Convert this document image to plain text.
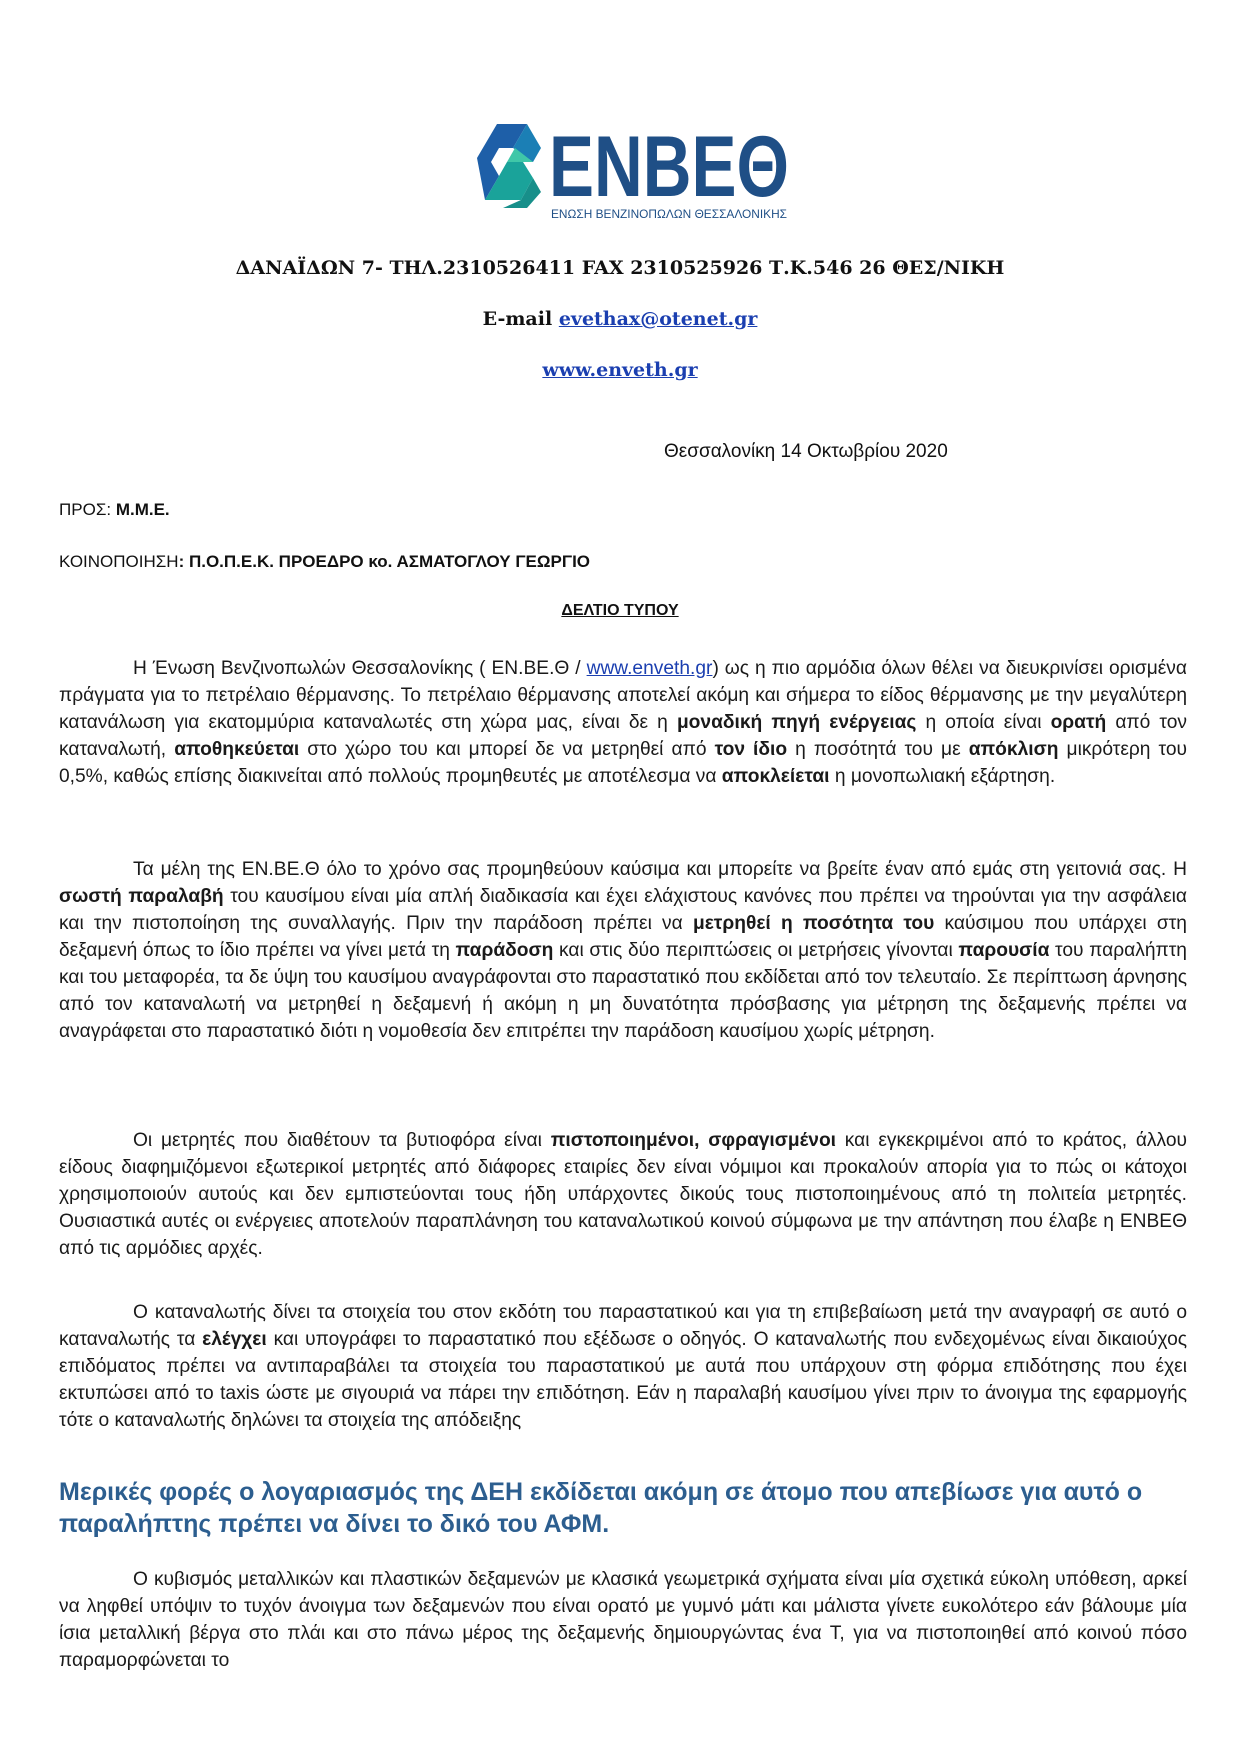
ΕΝΒΕΘ
ΕΝΩΣΗ ΒΕΝΖΙΝΟΠΩΛΩΝ ΘΕΣΣΑΛΟΝΙΚΗΣ
ΔΑΝΑΪΔΩΝ 7- ΤΗΛ.2310526411 FAX 2310525926 Τ.Κ.546 26 ΘΕΣ/ΝΙΚΗ
E-mail evethax@otenet.gr
www.enveth.gr
Θεσσαλονίκη 14 Οκτωβρίου 2020
ΠΡΟΣ: Μ.Μ.Ε.
ΚΟΙΝΟΠΟΙΗΣΗ: Π.Ο.Π.Ε.Κ. ΠΡΟΕΔΡΟ κο. ΑΣΜΑΤΟΓΛΟΥ ΓΕΩΡΓΙΟ
ΔΕΛΤΙΟ ΤΥΠΟΥ
Η Ένωση Βενζινοπωλών Θεσσαλονίκης ( ΕΝ.ΒΕ.Θ / www.enveth.gr) ως η πιο αρμόδια όλων θέλει να διευκρινίσει ορισμένα πράγματα για το πετρέλαιο θέρμανσης. Το πετρέλαιο θέρμανσης αποτελεί ακόμη και σήμερα το είδος θέρμανσης με την μεγαλύτερη κατανάλωση για εκατομμύρια καταναλωτές στη χώρα μας, είναι δε η μοναδική πηγή ενέργειας η οποία είναι ορατή από τον καταναλωτή, αποθηκεύεται στο χώρο του και μπορεί δε να μετρηθεί από τον ίδιο η ποσότητά του με απόκλιση μικρότερη του 0,5%, καθώς επίσης διακινείται από πολλούς προμηθευτές με αποτέλεσμα να αποκλείεται η μονοπωλιακή εξάρτηση.
Τα μέλη της ΕΝ.ΒΕ.Θ όλο το χρόνο σας προμηθεύουν καύσιμα και μπορείτε να βρείτε έναν από εμάς στη γειτονιά σας. Η σωστή παραλαβή του καυσίμου είναι μία απλή διαδικασία και έχει ελάχιστους κανόνες που πρέπει να τηρούνται για την ασφάλεια και την πιστοποίηση της συναλλαγής. Πριν την παράδοση πρέπει να μετρηθεί η ποσότητα του καύσιμου που υπάρχει στη δεξαμενή όπως το ίδιο πρέπει να γίνει μετά τη παράδοση και στις δύο περιπτώσεις οι μετρήσεις γίνονται παρουσία του παραλήπτη και του μεταφορέα, τα δε ύψη του καυσίμου αναγράφονται στο παραστατικό που εκδίδεται από τον τελευταίο. Σε περίπτωση άρνησης από τον καταναλωτή να μετρηθεί η δεξαμενή ή ακόμη η μη δυνατότητα πρόσβασης για μέτρηση της δεξαμενής πρέπει να αναγράφεται στο παραστατικό διότι η νομοθεσία δεν επιτρέπει την παράδοση καυσίμου χωρίς μέτρηση.
Οι μετρητές που διαθέτουν τα βυτιοφόρα είναι πιστοποιημένοι, σφραγισμένοι και εγκεκριμένοι από το κράτος, άλλου είδους διαφημιζόμενοι εξωτερικοί μετρητές από διάφορες εταιρίες δεν είναι νόμιμοι και προκαλούν απορία για το πώς οι κάτοχοι χρησιμοποιούν αυτούς και δεν εμπιστεύονται τους ήδη υπάρχοντες δικούς τους πιστοποιημένους από τη πολιτεία μετρητές. Ουσιαστικά αυτές οι ενέργειες αποτελούν παραπλάνηση του καταναλωτικού κοινού σύμφωνα με την απάντηση που έλαβε η ΕΝΒΕΘ από τις αρμόδιες αρχές.
Ο καταναλωτής δίνει τα στοιχεία του στον εκδότη του παραστατικού και για τη επιβεβαίωση μετά την αναγραφή σε αυτό ο καταναλωτής τα ελέγχει και υπογράφει το παραστατικό που εξέδωσε ο οδηγός. Ο καταναλωτής που ενδεχομένως είναι δικαιούχος επιδόματος πρέπει να αντιπαραβάλει τα στοιχεία του παραστατικού με αυτά που υπάρχουν στη φόρμα επιδότησης που έχει εκτυπώσει από το taxis ώστε με σιγουριά να πάρει την επιδότηση. Εάν η παραλαβή καυσίμου γίνει πριν το άνοιγμα της εφαρμογής τότε ο καταναλωτής δηλώνει τα στοιχεία της απόδειξης
Μερικές φορές ο λογαριασμός της ΔΕΗ εκδίδεται ακόμη σε άτομο που απεβίωσε για αυτό ο παραλήπτης πρέπει να δίνει το δικό του ΑΦΜ.
Ο κυβισμός μεταλλικών και πλαστικών δεξαμενών με κλασικά γεωμετρικά σχήματα είναι μία σχετικά εύκολη υπόθεση, αρκεί να ληφθεί υπόψιν το τυχόν άνοιγμα των δεξαμενών που είναι ορατό με γυμνό μάτι και μάλιστα γίνετε ευκολότερο εάν βάλουμε μία ίσια μεταλλική βέργα στο πλάι και στο πάνω μέρος της δεξαμενής δημιουργώντας ένα Τ, για να πιστοποιηθεί από κοινού πόσο παραμορφώνεται το
